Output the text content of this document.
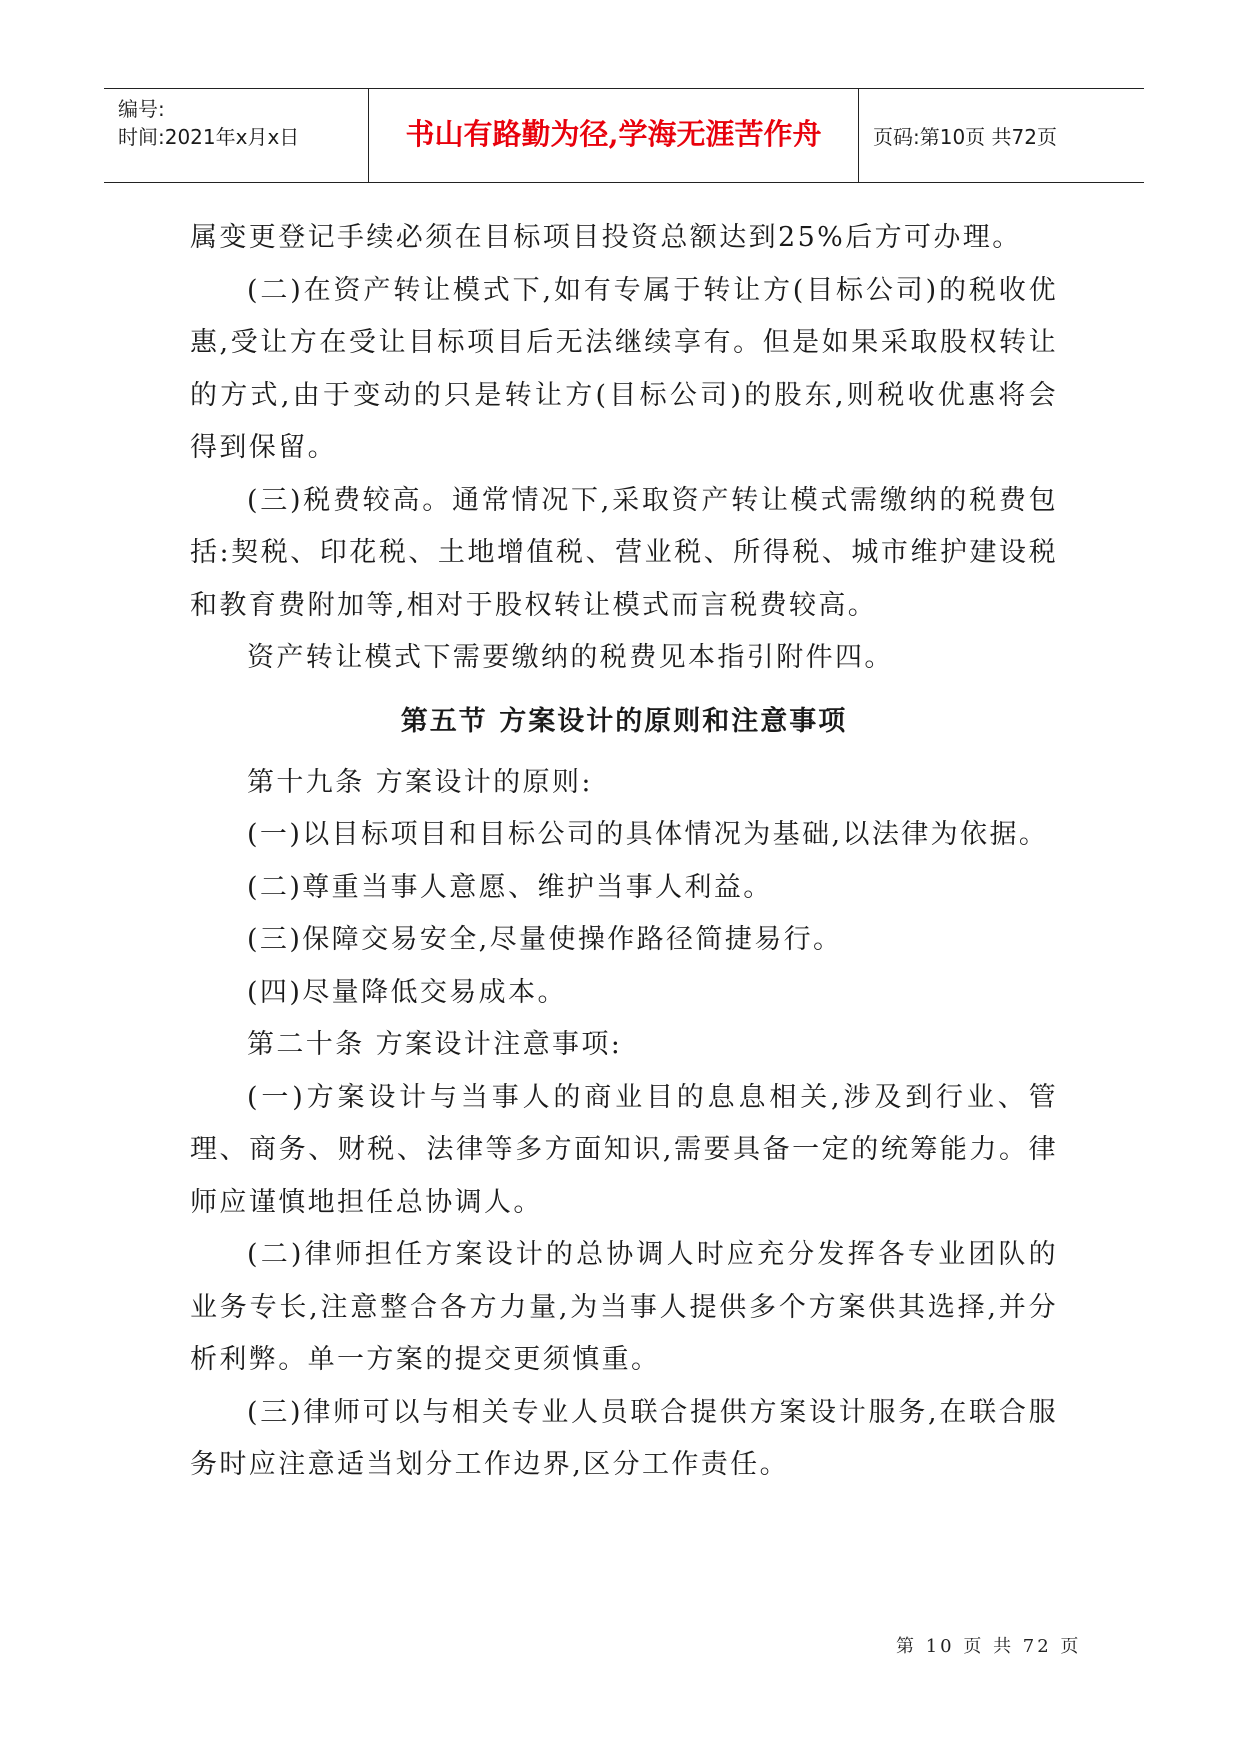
编号:
时间:2021年x月x日	书山有路勤为径,学海无涯苦作舟	页码:第10页 共72页

属变更登记手续必须在目标项目投资总额达到25%后方可办理。

(二)在资产转让模式下,如有专属于转让方(目标公司)的税收优惠,受让方在受让目标项目后无法继续享有。但是如果采取股权转让的方式,由于变动的只是转让方(目标公司)的股东,则税收优惠将会得到保留。

(三)税费较高。通常情况下,采取资产转让模式需缴纳的税费包括:契税、印花税、土地增值税、营业税、所得税、城市维护建设税和教育费附加等,相对于股权转让模式而言税费较高。

资产转让模式下需要缴纳的税费见本指引附件四。

第五节 方案设计的原则和注意事项

第十九条 方案设计的原则:

(一)以目标项目和目标公司的具体情况为基础,以法律为依据。

(二)尊重当事人意愿、维护当事人利益。

(三)保障交易安全,尽量使操作路径简捷易行。

(四)尽量降低交易成本。

第二十条 方案设计注意事项:

(一)方案设计与当事人的商业目的息息相关,涉及到行业、管理、商务、财税、法律等多方面知识,需要具备一定的统筹能力。律师应谨慎地担任总协调人。

(二)律师担任方案设计的总协调人时应充分发挥各专业团队的业务专长,注意整合各方力量,为当事人提供多个方案供其选择,并分析利弊。单一方案的提交更须慎重。

(三)律师可以与相关专业人员联合提供方案设计服务,在联合服务时应注意适当划分工作边界,区分工作责任。

第 10 页 共 72 页
